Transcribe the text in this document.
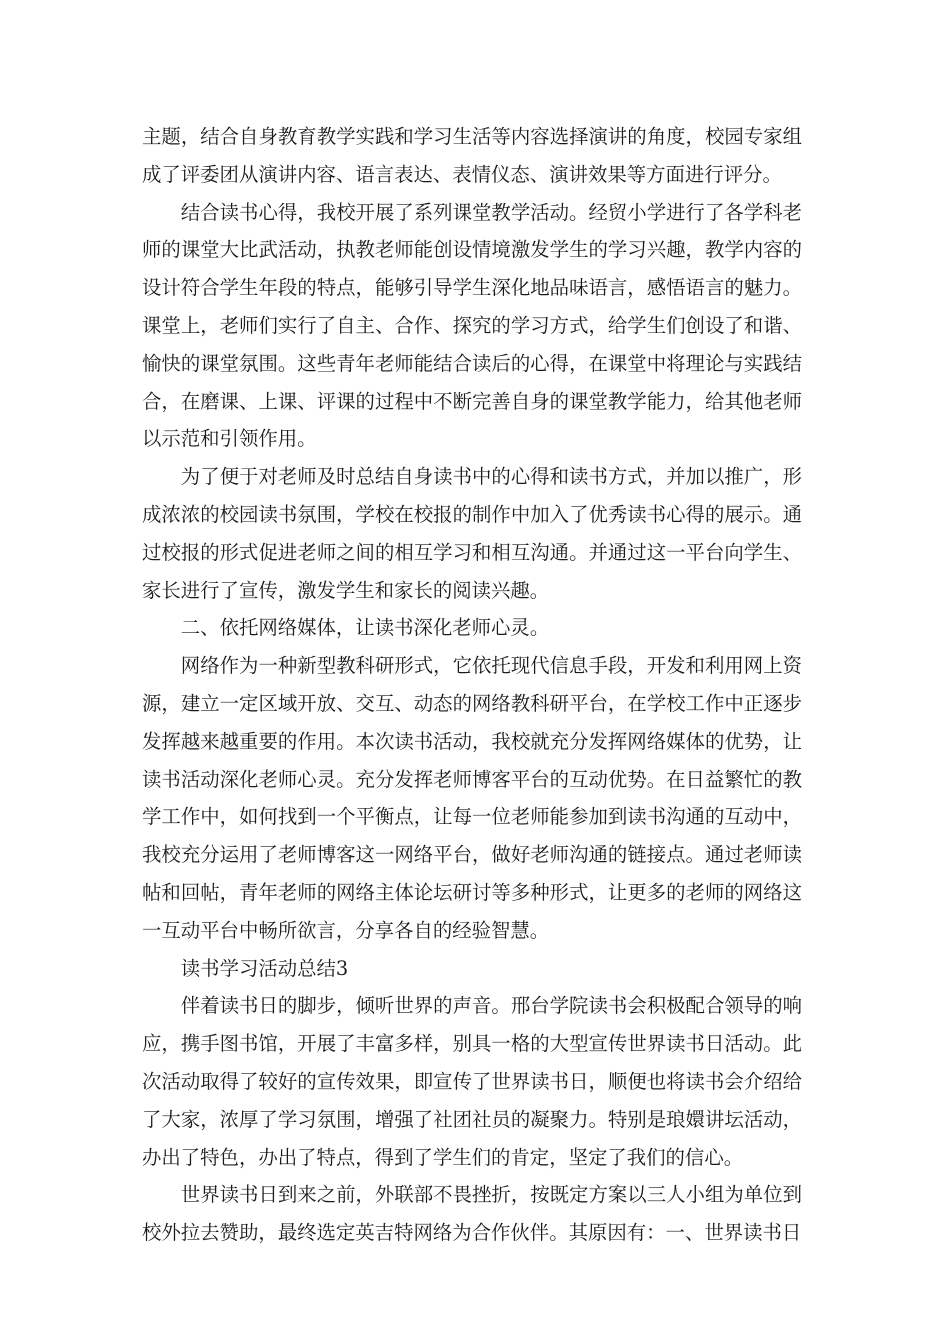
主题，结合自身教育教学实践和学习生活等内容选择演讲的角度，校园专家组成了评委团从演讲内容、语言表达、表情仪态、演讲效果等方面进行评分。

结合读书心得，我校开展了系列课堂教学活动。经贸小学进行了各学科老师的课堂大比武活动，执教老师能创设情境激发学生的学习兴趣，教学内容的设计符合学生年段的特点，能够引导学生深化地品味语言，感悟语言的魅力。课堂上，老师们实行了自主、合作、探究的学习方式，给学生们创设了和谐、愉快的课堂氛围。这些青年老师能结合读后的心得，在课堂中将理论与实践结合，在磨课、上课、评课的过程中不断完善自身的课堂教学能力，给其他老师以示范和引领作用。

为了便于对老师及时总结自身读书中的心得和读书方式，并加以推广，形成浓浓的校园读书氛围，学校在校报的制作中加入了优秀读书心得的展示。通过校报的形式促进老师之间的相互学习和相互沟通。并通过这一平台向学生、家长进行了宣传，激发学生和家长的阅读兴趣。

二、依托网络媒体，让读书深化老师心灵。

网络作为一种新型教科研形式，它依托现代信息手段，开发和利用网上资源，建立一定区域开放、交互、动态的网络教科研平台，在学校工作中正逐步发挥越来越重要的作用。本次读书活动，我校就充分发挥网络媒体的优势，让读书活动深化老师心灵。充分发挥老师博客平台的互动优势。在日益繁忙的教学工作中，如何找到一个平衡点，让每一位老师能参加到读书沟通的互动中，我校充分运用了老师博客这一网络平台，做好老师沟通的链接点。通过老师读帖和回帖，青年老师的网络主体论坛研讨等多种形式，让更多的老师的网络这一互动平台中畅所欲言，分享各自的经验智慧。

读书学习活动总结3

伴着读书日的脚步，倾听世界的声音。邢台学院读书会积极配合领导的响应，携手图书馆，开展了丰富多样，别具一格的大型宣传世界读书日活动。此次活动取得了较好的宣传效果，即宣传了世界读书日，顺便也将读书会介绍给了大家，浓厚了学习氛围，增强了社团社员的凝聚力。特别是琅嬛讲坛活动，办出了特色，办出了特点，得到了学生们的肯定，坚定了我们的信心。

世界读书日到来之前，外联部不畏挫折，按既定方案以三人小组为单位到校外拉去赞助，最终选定英吉特网络为合作伙伴。其原因有：一、世界读书日
